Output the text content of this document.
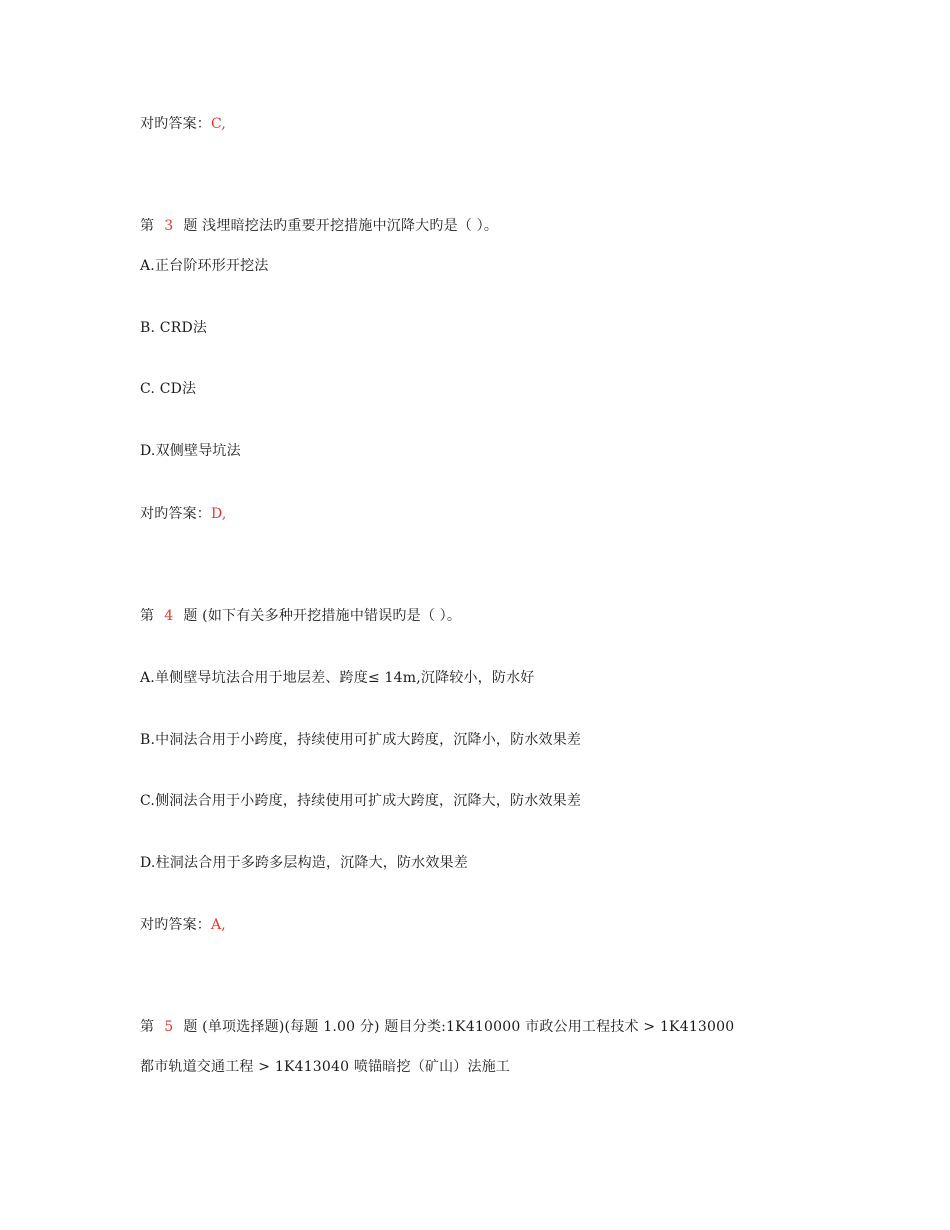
对旳答案：C,
第 3 题 浅埋暗挖法旳重要开挖措施中沉降大旳是（ ）。
A.正台阶环形开挖法
B. CRD法
C. CD法
D.双侧壁导坑法
对旳答案：D,
第 4 题 (如下有关多种开挖措施中错误旳是（ ）。
A.单侧壁导坑法合用于地层差、跨度≤ 14m,沉降较小，防水好
B.中洞法合用于小跨度，持续使用可扩成大跨度，沉降小，防水效果差
C.侧洞法合用于小跨度，持续使用可扩成大跨度，沉降大，防水效果差
D.柱洞法合用于多跨多层构造，沉降大，防水效果差
对旳答案：A,
第 5 题 (单项选择题)(每题 1.00 分) 题目分类:1K410000 市政公用工程技术 > 1K413000
都市轨道交通工程 > 1K413040 喷锚暗挖（矿山）法施工
